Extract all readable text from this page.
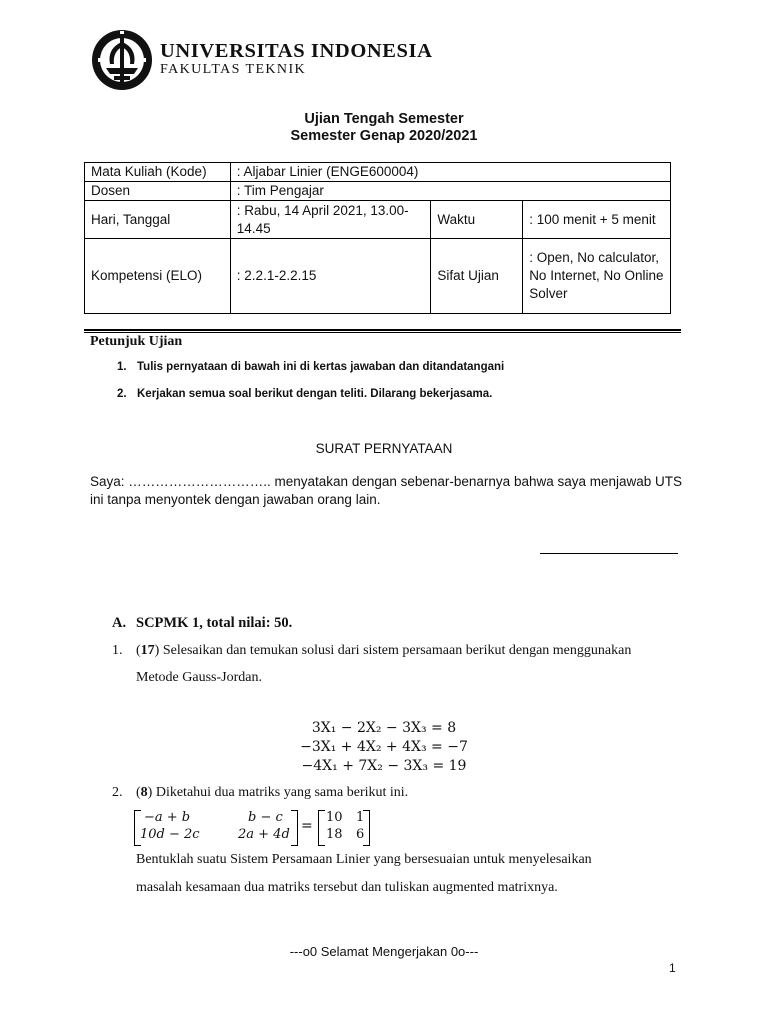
UNIVERSITAS INDONESIA
FAKULTAS TEKNIK
Ujian Tengah Semester
Semester Genap 2020/2021
Mata Kuliah (Kode)	: Aljabar Linier (ENGE600004)		
Dosen	: Tim Pengajar		
Hari, Tanggal	: Rabu, 14 April 2021, 13.00-14.45	Waktu	: 100 menit + 5 menit
Kompetensi (ELO)	: 2.2.1-2.2.15	Sifat Ujian	: Open, No calculator, No Internet, No Online Solver
Petunjuk Ujian
1. Tulis pernyataan di bawah ini di kertas jawaban dan ditandatangani
2. Kerjakan semua soal berikut dengan teliti. Dilarang bekerjasama.
SURAT PERNYATAAN
Saya: ………………………….. menyatakan dengan sebenar-benarnya bahwa saya menjawab UTS ini tanpa menyontek dengan jawaban orang lain.
A. SCPMK 1, total nilai: 50.
1. (17) Selesaikan dan temukan solusi dari sistem persamaan berikut dengan menggunakan
Metode Gauss-Jordan.
3X₁ − 2X₂ − 3X₃ = 8
−3X₁ + 4X₂ + 4X₃ = −7
−4X₁ + 7X₂ − 3X₃ = 19
2. (8) Diketahui dua matriks yang sama berikut ini.
−a + b	b − c
10d − 2c	2a + 4d
=
10 1
18 6
Bentuklah suatu Sistem Persamaan Linier yang bersesuaian untuk menyelesaikan
masalah kesamaan dua matriks tersebut dan tuliskan augmented matrixnya.
---o0 Selamat Mengerjakan 0o---
1
